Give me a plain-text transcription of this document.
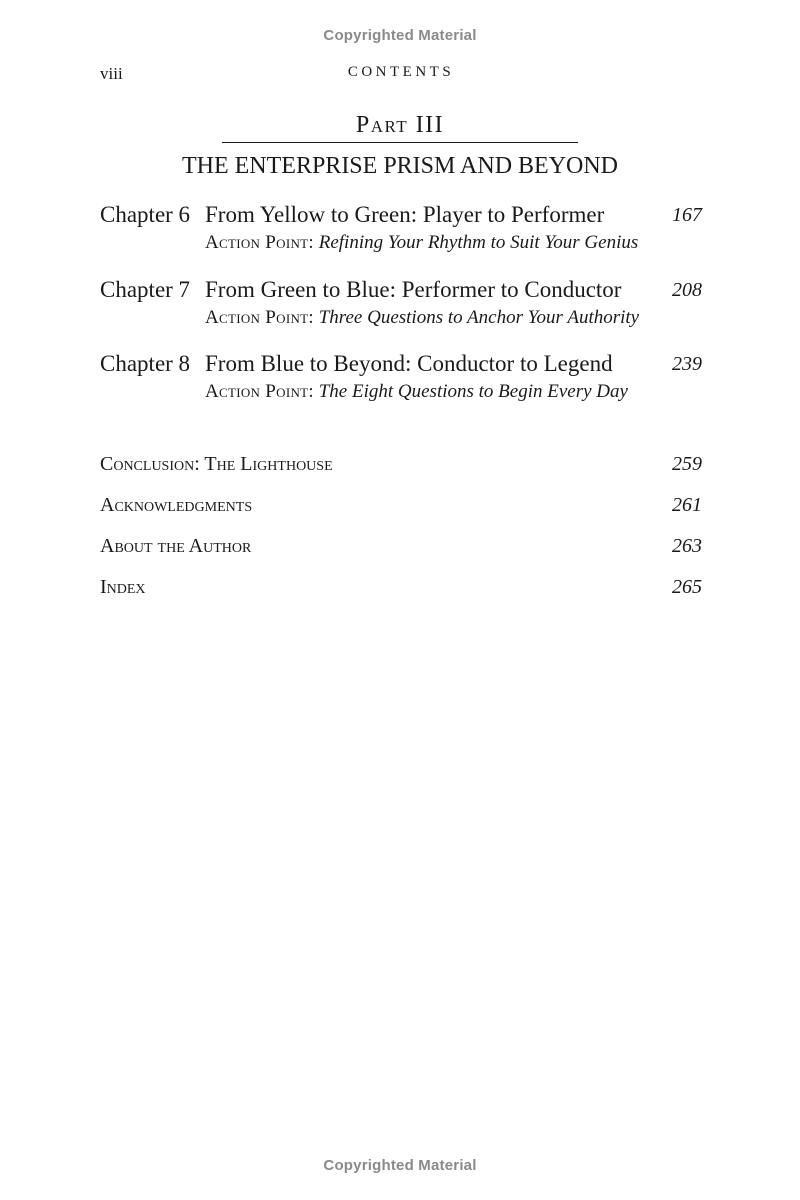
Copyrighted Material
viii	CONTENTS
Part III
THE ENTERPRISE PRISM AND BEYOND
Chapter 6 From Yellow to Green: Player to Performer	167
Action Point: Refining Your Rhythm to Suit Your Genius
Chapter 7 From Green to Blue: Performer to Conductor	208
Action Point: Three Questions to Anchor Your Authority
Chapter 8 From Blue to Beyond: Conductor to Legend	239
Action Point: The Eight Questions to Begin Every Day
Conclusion: The Lighthouse	259
Acknowledgments	261
About the Author	263
Index	265
Copyrighted Material
